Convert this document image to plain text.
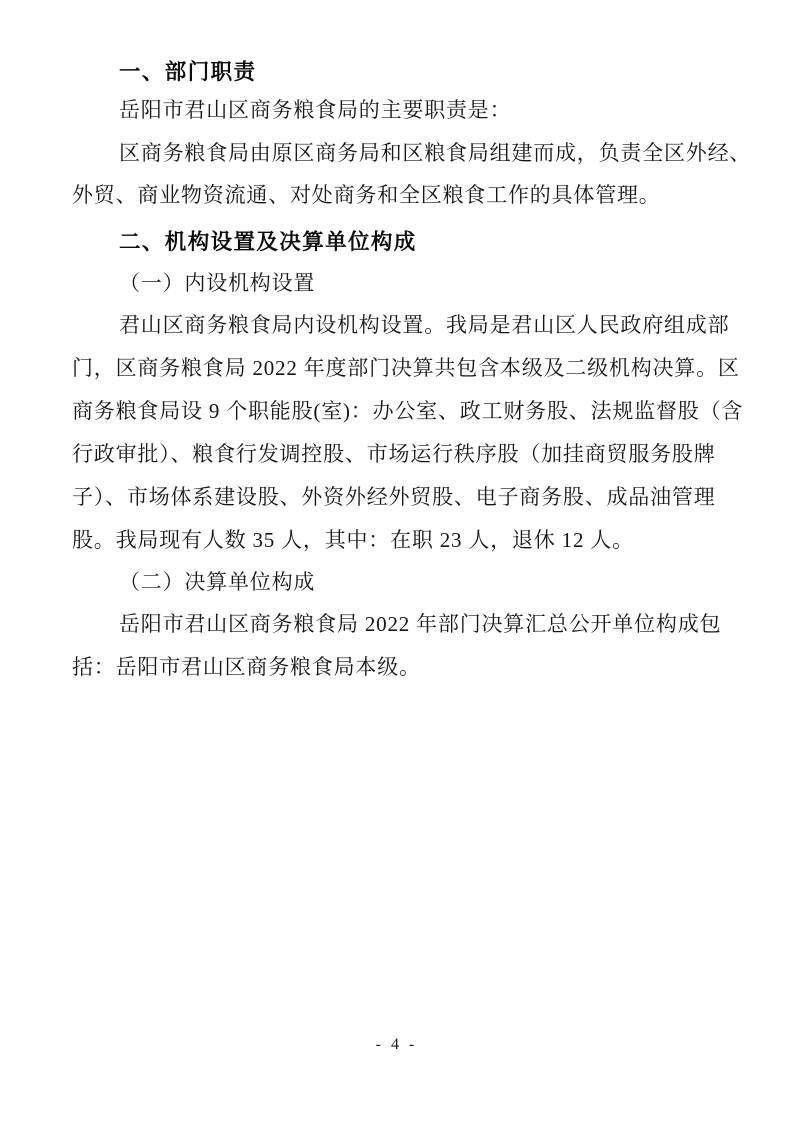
一、部门职责
岳阳市君山区商务粮食局的主要职责是：
区商务粮食局由原区商务局和区粮食局组建而成，负责全区外经、
外贸、商业物资流通、对处商务和全区粮食工作的具体管理。
二、机构设置及决算单位构成
（一）内设机构设置
君山区商务粮食局内设机构设置。我局是君山区人民政府组成部
门，区商务粮食局 2022 年度部门决算共包含本级及二级机构决算。区
商务粮食局设 9 个职能股(室)：办公室、政工财务股、法规监督股（含
行政审批）、粮食行发调控股、市场运行秩序股（加挂商贸服务股牌
子）、市场体系建设股、外资外经外贸股、电子商务股、成品油管理
股。我局现有人数 35 人，其中：在职 23 人，退休 12 人。
（二）决算单位构成
岳阳市君山区商务粮食局 2022 年部门决算汇总公开单位构成包
括：岳阳市君山区商务粮食局本级。
- 4 -
